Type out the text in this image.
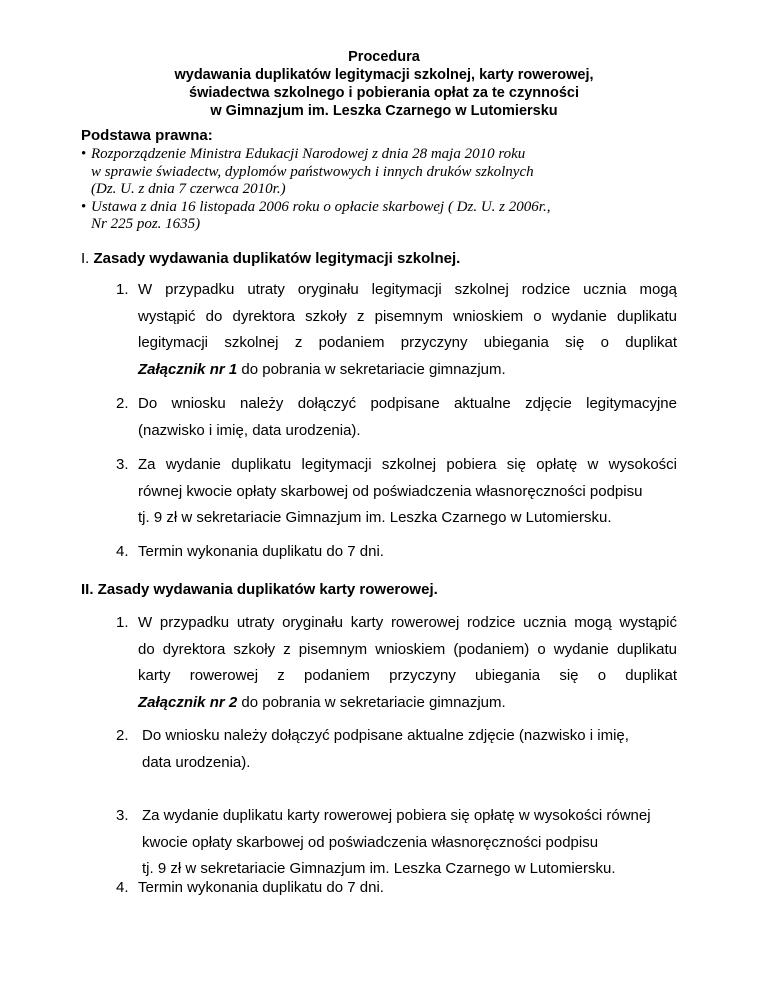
Procedura
wydawania duplikatów legitymacji szkolnej, karty rowerowej,
świadectwa szkolnego i pobierania opłat za te czynności
w Gimnazjum im. Leszka Czarnego w Lutomiersku
Podstawa prawna:
• Rozporządzenie Ministra Edukacji Narodowej z dnia 28 maja 2010 roku
w sprawie świadectw, dyplomów państwowych i innych druków szkolnych
(Dz. U. z dnia 7 czerwca 2010r.)
• Ustawa z dnia 16 listopada 2006 roku o opłacie skarbowej ( Dz. U. z 2006r.,
Nr 225 poz. 1635)
I. Zasady wydawania duplikatów legitymacji szkolnej.
1. W przypadku utraty oryginału legitymacji szkolnej rodzice ucznia mogą
wystąpić do dyrektora szkoły z pisemnym wnioskiem o wydanie duplikatu
legitymacji szkolnej z podaniem przyczyny ubiegania się o duplikat
Załącznik nr 1 do pobrania w sekretariacie gimnazjum.
2. Do wniosku należy dołączyć podpisane aktualne zdjęcie legitymacyjne
(nazwisko i imię, data urodzenia).
3. Za wydanie duplikatu legitymacji szkolnej pobiera się opłatę w wysokości
równej kwocie opłaty skarbowej od poświadczenia własnoręczności podpisu
tj. 9 zł w sekretariacie Gimnazjum im. Leszka Czarnego w Lutomiersku.
4. Termin wykonania duplikatu do 7 dni.
II. Zasady wydawania duplikatów karty rowerowej.
1. W przypadku utraty oryginału karty rowerowej rodzice ucznia mogą wystąpić
do dyrektora szkoły z pisemnym wnioskiem (podaniem) o wydanie duplikatu
karty rowerowej z podaniem przyczyny ubiegania się o duplikat
Załącznik nr 2 do pobrania w sekretariacie gimnazjum.
2. Do wniosku należy dołączyć podpisane aktualne zdjęcie (nazwisko i imię,
data urodzenia).
3. Za wydanie duplikatu karty rowerowej pobiera się opłatę w wysokości równej
kwocie opłaty skarbowej od poświadczenia własnoręczności podpisu
tj. 9 zł w sekretariacie Gimnazjum im. Leszka Czarnego w Lutomiersku.
4. Termin wykonania duplikatu do 7 dni.
